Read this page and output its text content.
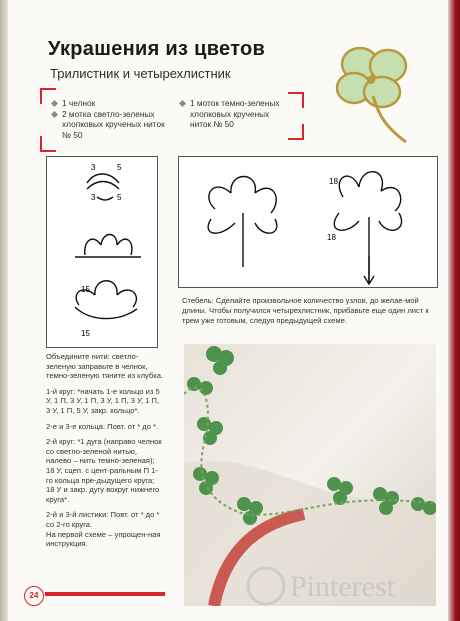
Украшения из цветов
Трилистник и четырехлистник
1 челнок
2 мотка светло-зеленых хлопковых крученых ниток № 50
1 моток темно-зеленых хлопковых крученых ниток № 50
3	5
3	5
15
15
18
18
Стебель: Сделайте произвольное количество узлов, до желае-мой длины. Чтобы получился четырехлистник, прибавьте еще один лист к трем уже готовым, следуя предыдущей схеме.

Объедините нити: светло-зеленую заправьте в челнок, темно-зеленую тяните из клубка.

1-й круг: *начать 1-е кольцо из 5 У, 1 П, 3 У, 1 П, 3 У, 1 П, 3 У, 1 П, 3 У, 1 П, 5 У, закр. кольцо*.

2-е и 3-е кольца: Повт. от * до *.

2-й круг: *1 дуга (направо челнок со светло-зеленой нитью, налево – нить темно-зеленая); 18 У, сцеп. с цент-ральным П 1-го кольца пре-дыдущего круга; 18 У и закр. дугу вокруг нижнего круга*.

2-й и 3-й листики: Повт. от * до * со 2-го круга.

На первой схеме – упрощен-ная инструкция.

Pinterest
24
